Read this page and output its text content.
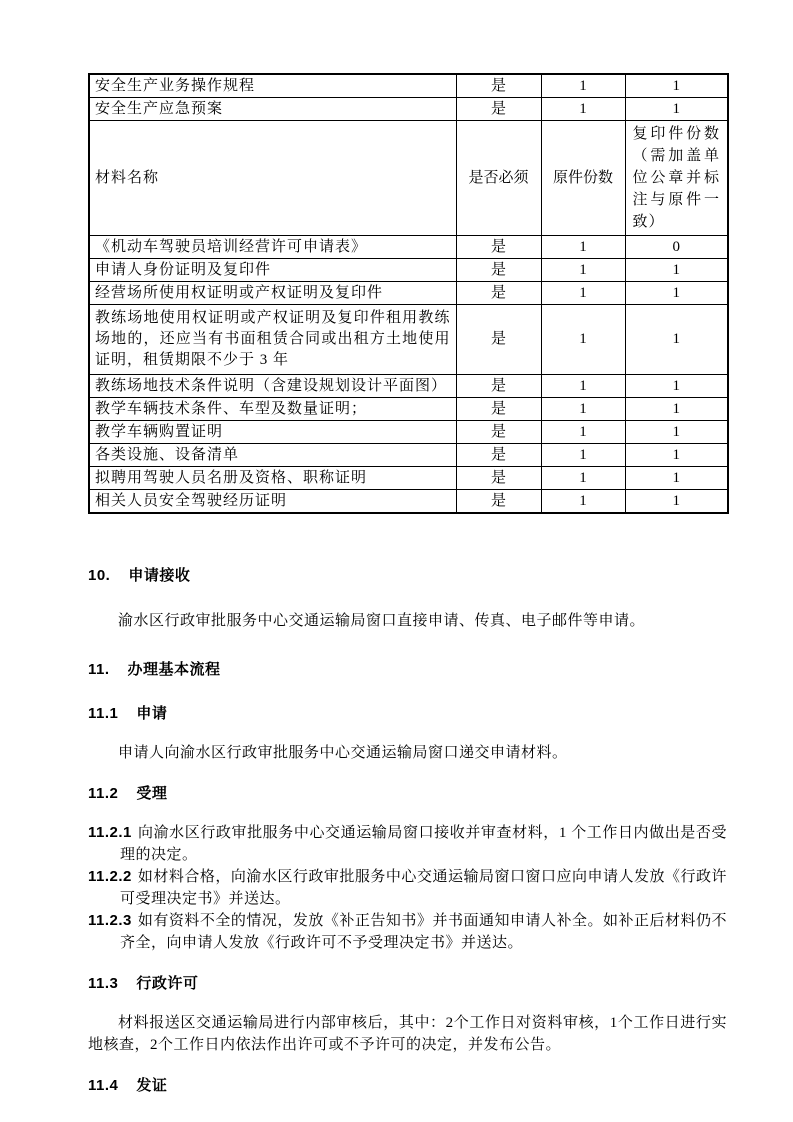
安全生产业务操作规程	是	1	1
安全生产应急预案	是	1	1
材料名称	是否必须	原件份数	复印件份数（需加盖单位公章并标注与原件一致）
《机动车驾驶员培训经营许可申请表》	是	1	0
申请人身份证明及复印件	是	1	1
经营场所使用权证明或产权证明及复印件	是	1	1
教练场地使用权证明或产权证明及复印件租用教练场地的，还应当有书面租赁合同或出租方土地使用证明，租赁期限不少于 3 年	是	1	1
教练场地技术条件说明（含建设规划设计平面图）	是	1	1
教学车辆技术条件、车型及数量证明；	是	1	1
教学车辆购置证明	是	1	1
各类设施、设备清单	是	1	1
拟聘用驾驶人员名册及资格、职称证明	是	1	1
相关人员安全驾驶经历证明	是	1	1
10. 申请接收
渝水区行政审批服务中心交通运输局窗口直接申请、传真、电子邮件等申请。
11. 办理基本流程
11.1 申请
申请人向渝水区行政审批服务中心交通运输局窗口递交申请材料。
11.2 受理
11.2.1 向渝水区行政审批服务中心交通运输局窗口接收并审查材料，1 个工作日内做出是否受理的决定。
11.2.2 如材料合格，向渝水区行政审批服务中心交通运输局窗口窗口应向申请人发放《行政许可受理决定书》并送达。
11.2.3 如有资料不全的情况，发放《补正告知书》并书面通知申请人补全。如补正后材料仍不齐全，向申请人发放《行政许可不予受理决定书》并送达。
11.3 行政许可
材料报送区交通运输局进行内部审核后，其中：2个工作日对资料审核，1个工作日进行实地核查，2个工作日内依法作出许可或不予许可的决定，并发布公告。
11.4 发证
